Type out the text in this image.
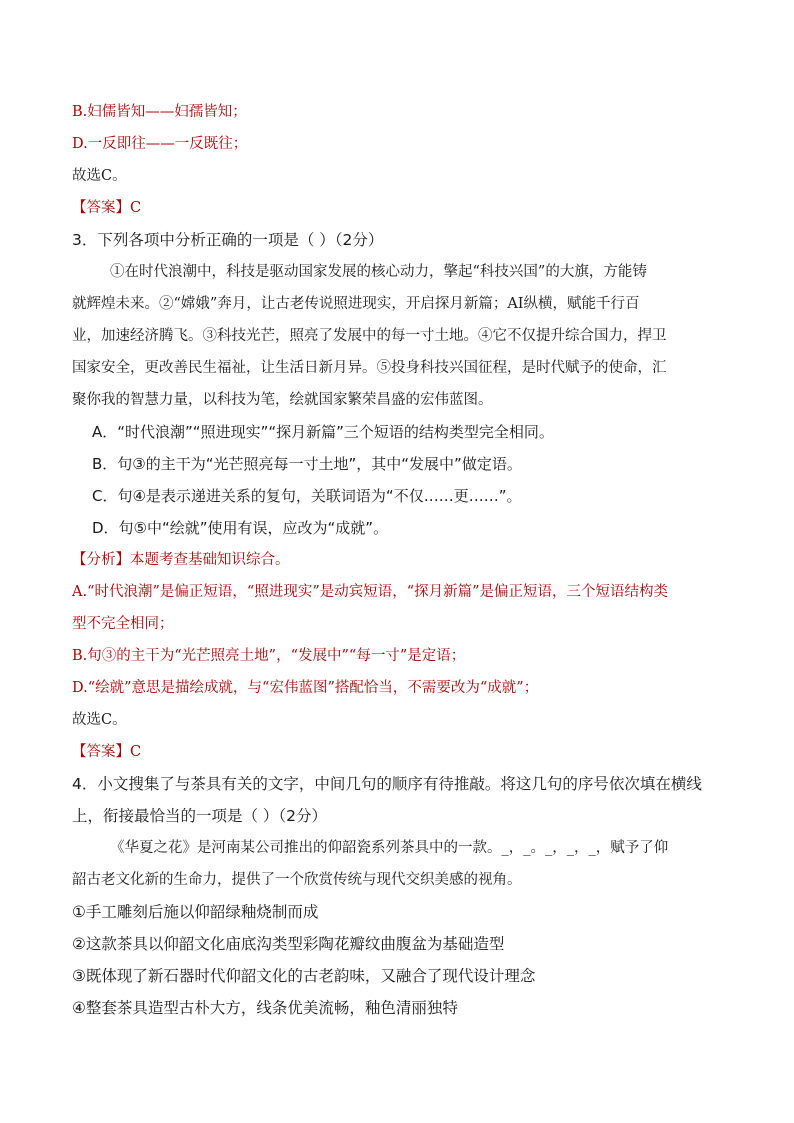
B.妇儒皆知——妇孺皆知；
D.一反即往——一反既往；
故选C。
【答案】C
3．下列各项中分析正确的一项是（ ）（2分）
①在时代浪潮中，科技是驱动国家发展的核心动力，擎起“科技兴国”的大旗，方能铸
就辉煌未来。②“嫦娥”奔月，让古老传说照进现实，开启探月新篇；AI纵横，赋能千行百
业，加速经济腾飞。③科技光芒，照亮了发展中的每一寸土地。④它不仅提升综合国力，捍卫
国家安全，更改善民生福祉，让生活日新月异。⑤投身科技兴国征程，是时代赋予的使命，汇
聚你我的智慧力量，以科技为笔，绘就国家繁荣昌盛的宏伟蓝图。
A．“时代浪潮”“照进现实”“探月新篇”三个短语的结构类型完全相同。
B．句③的主干为“光芒照亮每一寸土地”，其中“发展中”做定语。
C．句④是表示递进关系的复句，关联词语为“不仅……更……”。
D．句⑤中“绘就”使用有误，应改为“成就”。
【分析】本题考查基础知识综合。
A.“时代浪潮”是偏正短语，“照进现实”是动宾短语，“探月新篇”是偏正短语，三个短语结构类
型不完全相同；
B.句③的主干为“光芒照亮土地”，“发展中”“每一寸”是定语；
D.“绘就”意思是描绘成就，与“宏伟蓝图”搭配恰当，不需要改为“成就”；
故选C。
【答案】C
4．小文搜集了与茶具有关的文字，中间几句的顺序有待推敲。将这几句的序号依次填在横线
上，衔接最恰当的一项是（ ）（2分）
《华夏之花》是河南某公司推出的仰韶瓷系列茶具中的一款。_，_。_，_，_，赋予了仰
韶古老文化新的生命力，提供了一个欣赏传统与现代交织美感的视角。
①手工雕刻后施以仰韶绿釉烧制而成
②这款茶具以仰韶文化庙底沟类型彩陶花瓣纹曲腹盆为基础造型
③既体现了新石器时代仰韶文化的古老韵味，又融合了现代设计理念
④整套茶具造型古朴大方，线条优美流畅，釉色清丽独特
